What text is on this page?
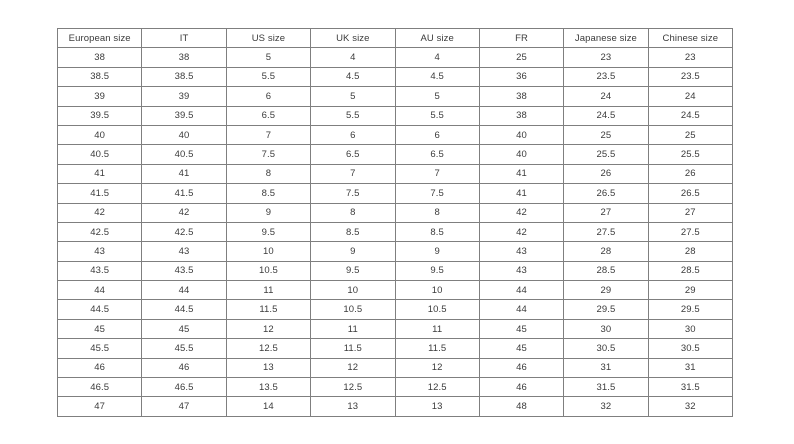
European size	IT	US size	UK size	AU size	FR	Japanese size	Chinese size
38	38	5	4	4	25	23	23
38.5	38.5	5.5	4.5	4.5	36	23.5	23.5
39	39	6	5	5	38	24	24
39.5	39.5	6.5	5.5	5.5	38	24.5	24.5
40	40	7	6	6	40	25	25
40.5	40.5	7.5	6.5	6.5	40	25.5	25.5
41	41	8	7	7	41	26	26
41.5	41.5	8.5	7.5	7.5	41	26.5	26.5
42	42	9	8	8	42	27	27
42.5	42.5	9.5	8.5	8.5	42	27.5	27.5
43	43	10	9	9	43	28	28
43.5	43.5	10.5	9.5	9.5	43	28.5	28.5
44	44	11	10	10	44	29	29
44.5	44.5	11.5	10.5	10.5	44	29.5	29.5
45	45	12	11	11	45	30	30
45.5	45.5	12.5	11.5	11.5	45	30.5	30.5
46	46	13	12	12	46	31	31
46.5	46.5	13.5	12.5	12.5	46	31.5	31.5
47	47	14	13	13	48	32	32
